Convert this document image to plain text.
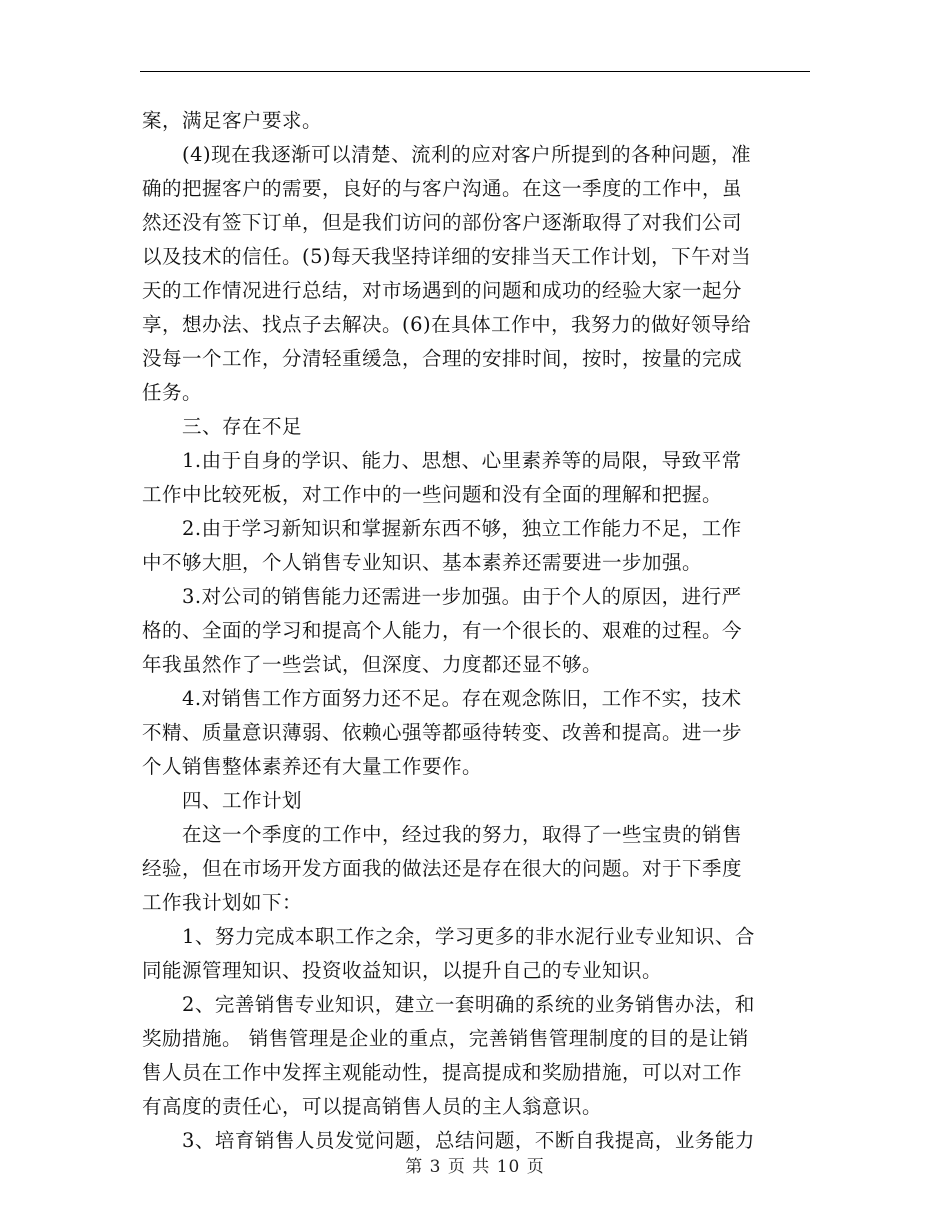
案，满足客户要求。
　　(4)现在我逐渐可以清楚、流利的应对客户所提到的各种问题，准
确的把握客户的需要，良好的与客户沟通。在这一季度的工作中，虽
然还没有签下订单，但是我们访问的部份客户逐渐取得了对我们公司
以及技术的信任。(5)每天我坚持详细的安排当天工作计划，下午对当
天的工作情况进行总结，对市场遇到的问题和成功的经验大家一起分
享，想办法、找点子去解决。(6)在具体工作中，我努力的做好领导给
没每一个工作，分清轻重缓急，合理的安排时间，按时，按量的完成
任务。
　　三、存在不足
　　1.由于自身的学识、能力、思想、心里素养等的局限，导致平常
工作中比较死板，对工作中的一些问题和没有全面的理解和把握。
　　2.由于学习新知识和掌握新东西不够，独立工作能力不足，工作
中不够大胆，个人销售专业知识、基本素养还需要进一步加强。
　　3.对公司的销售能力还需进一步加强。由于个人的原因，进行严
格的、全面的学习和提高个人能力，有一个很长的、艰难的过程。今
年我虽然作了一些尝试，但深度、力度都还显不够。
　　4.对销售工作方面努力还不足。存在观念陈旧，工作不实，技术
不精、质量意识薄弱、依赖心强等都亟待转变、改善和提高。进一步
个人销售整体素养还有大量工作要作。
　　四、工作计划
　　在这一个季度的工作中，经过我的努力，取得了一些宝贵的销售
经验，但在市场开发方面我的做法还是存在很大的问题。对于下季度
工作我计划如下：
　　1、努力完成本职工作之余，学习更多的非水泥行业专业知识、合
同能源管理知识、投资收益知识，以提升自己的专业知识。
　　2、完善销售专业知识，建立一套明确的系统的业务销售办法，和
奖励措施。 销售管理是企业的重点，完善销售管理制度的目的是让销
售人员在工作中发挥主观能动性，提高提成和奖励措施，可以对工作
有高度的责任心，可以提高销售人员的主人翁意识。
　　3、培育销售人员发觉问题，总结问题，不断自我提高，业务能力
第 3 页 共 10 页
